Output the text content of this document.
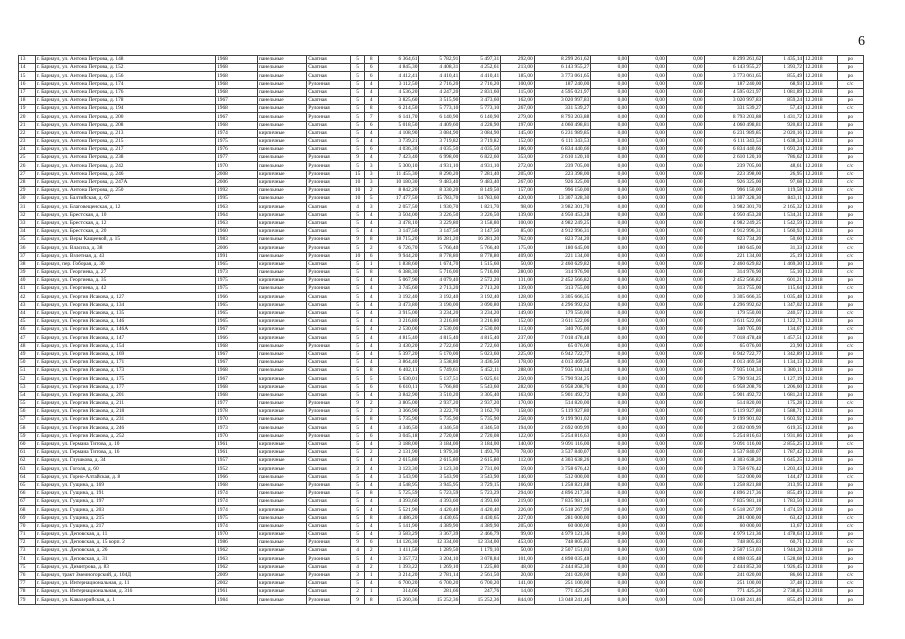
6
13	г. Барнаул, ул. Антона Петрова, д. 148	1968	панельные	Скатная	5	8	6 364,61	5 782,91	5 497,31	292,00	8 299 261,62	0,00	0,00	0,00	8 299 261,62	1 435,14	12.2018	ро
14	г. Барнаул, ул. Антона Петрова, д. 152	1968	панельные	Скатная	5	6	4 845,30	4 408,31	4 252,61	213,00	6 143 955,27	0,00	0,00	0,00	6 143 955,27	1 393,72	12.2018	ро
15	г. Барнаул, ул. Антона Петрова, д. 156	1968	панельные	Скатная	5	6	4 412,41	4 410,41	4 410,41	185,00	3 773 061,65	0,00	0,00	0,00	3 773 061,65	855,49	12.2018	ро
16	г. Барнаул, ул. Антона Петрова, д. 174	1968	панельные	Рулонная	5	4	3 112,50	2 716,20	2 716,20	100,00	187 240,00	0,00	0,00	0,00	187 240,00	68,93	12.2018	с/с
17	г. Барнаул, ул. Антона Петрова, д. 176	1968	панельные	Скатная	5	4	4 536,20	4 247,20	2 831,60	115,00	4 595 021,97	0,00	0,00	0,00	4 595 021,97	1 081,89	12.2018	ро
18	г. Барнаул, ул. Антона Петрова, д. 178	1967	панельные	Скатная	5	4	3 825,60	3 515,90	3 473,60	162,00	3 020 997,83	0,00	0,00	0,00	3 020 997,83	859,24	12.2018	ро
19	г. Барнаул, ул. Антона Петрова, д. 194	1968	панельные	Рулонная	5	8	6 214,50	5 773,10	5 773,10	267,00	331 539,27	0,00	0,00	0,00	331 539,27	57,43	12.2018	с/с
20	г. Барнаул, ул. Антона Петрова, д. 200	1967	панельные	Рулонная	5	7	6 141,70	6 140,90	6 140,90	279,00	8 793 203,88	0,00	0,00	0,00	8 793 203,88	1 431,72	12.2018	ро
21	г. Барнаул, ул. Антона Петрова, д. 208	1968	панельные	Скатная	5	6	5 018,50	4 409,60	4 228,90	197,00	4 060 498,81	0,00	0,00	0,00	4 060 498,81	920,83	12.2018	ро
22	г. Барнаул, ул. Антона Петрова, д. 213	1974	кирпичные	Скатная	5	4	4 108,90	3 084,90	3 084,90	145,00	6 231 989,85	0,00	0,00	0,00	6 231 989,85	2 020,16	12.2018	ро
23	г. Барнаул, ул. Антона Петрова, д. 215	1975	кирпичные	Скатная	5	4	3 739,21	3 719,82	3 719,82	152,00	6 111 343,53	0,00	0,00	0,00	6 111 343,53	1 638,34	12.2018	ро
24	г. Барнаул, ул. Антона Петрова, д. 217	1976	панельные	Скатная	5	6	4 036,30	4 035,50	4 035,50	186,00	6 834 440,66	0,00	0,00	0,00	6 834 440,66	1 693,24	12.2018	ро
25	г. Барнаул, ул. Антона Петрова, д. 238	1977	панельные	Рулонная	9	4	7 423,40	6 998,00	6 822,60	353,00	2 610 120,10	0,00	0,00	0,00	2 610 120,10	786,62	12.2018	ро
26	г. Барнаул, ул. Антона Петрова, д. 242	1970	панельные	Рулонная	5	3	5 300,10	4 931,10	4 931,10	272,00	239 705,00	0,00	0,00	0,00	239 705,00	48,61	12.2018	с/с
27	г. Барнаул, ул. Антона Петрова, д. 246	2008	кирпичные	Рулонная	15	3	11 455,30	8 290,20	7 281,40	205,00	223 398,00	0,00	0,00	0,00	223 398,00	26,95	12.2018	с/с
28	г. Барнаул, ул. Антона Петрова, д. 247А	2006	кирпичные	Рулонная	10	3	10 180,30	9 483,40	9 483,40	267,00	926 325,00	0,00	0,00	0,00	926 325,00	97,68	12.2018	с/с
29	г. Барнаул, ул. Антона Петрова, д. 250	1992	панельные	Рулонная	10	2	8 842,20	8 330,20	8 149,50	157,00	996 150,00	0,00	0,00	0,00	996 150,00	119,58	12.2018	с/с
30	г. Барнаул, ул. Балтийская, д. 67	1995	панельные	Рулонная	10	5	17 477,50	15 783,70	14 783,60	420,00	13 307 328,30	0,00	0,00	0,00	13 307 328,30	843,11	12.2018	ро
31	г. Барнаул, ул. Благовещенская, д. 12	1963	кирпичные	Скатная	4	3	2 057,50	1 930,70	1 821,70	98,00	3 982 301,70	0,00	0,00	0,00	3 982 301,70	2 165,32	12.2018	ро
32	г. Барнаул, ул. Брестская, д. 10	1964	кирпичные	Скатная	5	4	3 504,00	3 226,50	3 226,50	139,00	4 950 453,28	0,00	0,00	0,00	4 950 453,28	1 534,31	12.2018	ро
33	г. Барнаул, ул. Брестская, д. 12	1963	кирпичные	Скатная	5	4	3 478,10	3 229,80	3 158,80	100,00	4 982 249,25	0,00	0,00	0,00	4 982 249,25	1 542,59	12.2018	ро
34	г. Барнаул, ул. Брестская, д. 20	1960	кирпичные	Скатная	5	4	3 147,50	3 147,50	3 147,50	85,00	4 912 996,31	0,00	0,00	0,00	4 912 996,31	1 560,92	12.2018	ро
35	г. Барнаул, ул. Веры Кащеевой, д. 15	1983	панельные	Рулонная	9	8	18 715,20	16 281,20	16 281,20	762,00	823 734,20	0,00	0,00	0,00	823 734,20	50,60	12.2018	с/с
36	г. Барнаул, ул. Власиха, д. 38	2006	кирпичные	Рулонная	5	2	6 726,70	5 766,40	5 766,40	175,00	180 645,00	0,00	0,00	0,00	180 645,00	31,33	12.2018	с/с
37	г. Барнаул, ул. Взлетная, д. 43	1991	панельные	Рулонная	10	6	9 944,20	8 778,80	8 778,80	409,00	221 134,00	0,00	0,00	0,00	221 134,00	25,19	12.2018	с/с
38	г. Барнаул, пер. Гоборая, д. 30	1965	кирпичные	Скатная	5	1	1 838,60	1 674,70	1 515,60	50,00	2 460 629,82	0,00	0,00	0,00	2 460 629,82	1 469,30	12.2018	ро
39	г. Барнаул, ул. Георгиева, д. 27	1973	панельные	Рулонная	5	8	6 388,30	5 716,00	5 716,00	280,00	314 976,90	0,00	0,00	0,00	314 976,90	55,10	12.2018	с/с
40	г. Барнаул, ул. Георгиева, д. 35	1975	кирпичные	Рулонная	5	4	5 067,90	4 079,40	2 572,20	131,00	2 452 566,82	0,00	0,00	0,00	2 452 566,82	601,21	12.2018	ро
41	г. Барнаул, ул. Георгиева, д. 42	1975	панельные	Рулонная	5	4	3 745,60	2 713,20	2 713,20	139,00	313 755,00	0,00	0,00	0,00	313 755,00	115,64	12.2018	с/с
42	г. Барнаул, ул. Георгия Исакова, д. 127	1966	кирпичные	Скатная	5	4	3 192,40	3 192,40	3 192,40	128,00	3 305 666,35	0,00	0,00	0,00	3 305 666,35	1 035,48	12.2018	ро
43	г. Барнаул, ул. Георгия Исакова, д. 134	1965	кирпичные	Скатная	5	4	3 473,80	3 190,00	3 090,80	139,00	4 296 992,62	0,00	0,00	0,00	4 296 992,62	1 347,02	12.2018	ро
44	г. Барнаул, ул. Георгия Исакова, д. 135	1965	кирпичные	Скатная	5	4	3 915,00	3 234,20	3 234,20	149,00	179 550,00	0,00	0,00	0,00	179 550,00	240,57	12.2018	с/с
45	г. Барнаул, ул. Георгия Исакова, д. 146	1965	кирпичные	Скатная	5	4	3 216,80	3 216,80	3 216,80	152,00	3 611 522,06	0,00	0,00	0,00	3 611 522,06	1 122,71	12.2018	ро
46	г. Барнаул, ул. Георгия Исакова, д. 146А	1967	кирпичные	Скатная	5	4	2 530,00	2 530,00	2 530,00	113,00	340 705,00	0,00	0,00	0,00	340 705,00	134,67	12.2018	с/с
47	г. Барнаул, ул. Георгия Исакова, д. 147	1966	кирпичные	Скатная	5	4	4 815,40	4 815,40	4 815,40	237,00	7 018 478,48	0,00	0,00	0,00	7 018 478,48	1 457,51	12.2018	ро
48	г. Барнаул, ул. Георгия Исакова, д. 154	1968	панельные	Рулонная	5	4	3 430,20	2 722,60	2 722,60	136,00	65 076,00	0,00	0,00	0,00	65 076,00	23,90	12.2018	с/с
49	г. Барнаул, ул. Георгия Исакова, д. 169	1967	панельные	Скатная	5	4	5 397,20	5 170,00	5 023,60	225,00	6 942 722,77	0,00	0,00	0,00	6 942 722,77	1 342,89	12.2018	ро
50	г. Барнаул, ул. Георгия Исакова, д. 171	1967	панельные	Скатная	5	4	3 864,40	3 538,80	3 436,50	178,00	4 013 469,58	0,00	0,00	0,00	4 013 469,58	1 134,13	12.2018	ро
51	г. Барнаул, ул. Георгия Исакова, д. 173	1968	панельные	Скатная	5	8	6 402,11	5 749,61	5 452,11	288,00	7 935 104,34	0,00	0,00	0,00	7 935 104,34	1 380,11	12.2018	ро
52	г. Барнаул, ул. Георгия Исакова, д. 175	1967	кирпичные	Скатная	5	5	5 630,01	5 137,51	5 025,61	250,00	5 790 934,25	0,00	0,00	0,00	5 790 934,25	1 127,19	12.2018	ро
53	г. Барнаул, ул. Георгия Исакова, д. 177	1968	кирпичные	Скатная	5	6	6 610,11	5 766,80	5 543,60	282,00	6 958 208,76	0,00	0,00	0,00	6 958 208,76	1 206,60	12.2018	ро
54	г. Барнаул, ул. Георгия Исакова, д. 201	1968	панельные	Скатная	5	4	3 842,90	3 510,20	3 305,40	163,00	5 901 492,72	0,00	0,00	0,00	5 901 492,72	1 681,24	12.2018	ро
55	г. Барнаул, ул. Георгия Исакова, д. 211	1977	панельные	Рулонная	9	2	3 805,00	2 937,20	2 937,20	170,00	514 820,00	0,00	0,00	0,00	514 820,00	175,28	12.2018	с/с
56	г. Барнаул, ул. Георгия Исакова, д. 218	1978	кирпичные	Рулонная	5	2	3 366,90	3 222,70	3 162,70	158,00	5 119 927,80	0,00	0,00	0,00	5 119 927,80	1 588,71	12.2018	ро
57	г. Барнаул, ул. Георгия Исакова, д. 231	1970	панельные	Скатная	5	8	5 735,90	5 735,90	5 735,90	258,00	9 199 901,02	0,00	0,00	0,00	9 199 901,02	1 603,92	12.2018	ро
58	г. Барнаул, ул. Георгия Исакова, д. 246	1973	панельные	Скатная	5	4	4 346,50	4 346,50	4 346,50	194,00	2 692 009,99	0,00	0,00	0,00	2 692 009,99	619,35	12.2018	ро
59	г. Барнаул, ул. Георгия Исакова, д. 252	1970	панельные	Рулонная	5	6	3 045,18	2 720,08	2 720,08	122,00	5 254 816,63	0,00	0,00	0,00	5 254 816,63	1 931,86	12.2018	ро
60	г. Барнаул, ул. Германа Титова, д. 10	1961	кирпичные	Скатная	5	4	3 188,00	3 184,00	3 184,00	140,00	9 091 116,00	0,00	0,00	0,00	9 091 116,00	2 855,25	12.2018	с/с
61	г. Барнаул, ул. Германа Титова, д. 16	1961	кирпичные	Скатная	5	2	2 131,90	1 979,30	1 493,70	78,00	3 537 840,07	0,00	0,00	0,00	3 537 840,07	1 787,42	12.2018	ро
62	г. Барнаул, ул. Глушкова, д. 34	1957	кирпичные	Скатная	5	4	2 615,80	2 615,80	2 615,80	112,00	4 303 638,26	0,00	0,00	0,00	4 303 638,26	1 645,25	12.2018	ро
63	г. Барнаул, ул. Гоголя, д. 60	1952	кирпичные	Скатная	3	4	3 123,30	3 123,30	2 731,00	59,00	3 758 676,42	0,00	0,00	0,00	3 758 676,42	1 203,43	12.2018	ро
64	г. Барнаул, ул. Горно-Алтайская, д. 8	1966	панельные	Скатная	5	4	3 543,90	3 543,90	3 543,90	146,00	512 000,00	0,00	0,00	0,00	512 000,00	144,47	12.2018	с/с
65	г. Барнаул, ул. Гущина, д. 169	1968	панельные	Рулонная	5	4	4 548,95	3 945,95	3 729,15	166,00	1 258 821,88	0,00	0,00	0,00	1 258 821,88	313,95	12.2018	ро
66	г. Барнаул, ул. Гущина, д. 191	1974	панельные	Рулонная	5	8	5 725,59	5 723,59	5 723,29	294,00	4 896 217,36	0,00	0,00	0,00	4 896 217,36	855,49	12.2018	ро
67	г. Барнаул, ул. Гущина, д. 197	1974	панельные	Скатная	5	4	4 393,60	4 393,60	4 393,60	219,00	7 835 981,18	0,00	0,00	0,00	7 835 981,18	1 783,50	12.2018	ро
68	г. Барнаул, ул. Гущина, д. 203	1974	кирпичные	Скатная	5	4	5 521,90	4 420,40	4 420,40	226,00	6 518 267,99	0,00	0,00	0,00	6 518 267,99	1 474,59	12.2018	ро
69	г. Барнаул, ул. Гущина, д. 215	1975	панельные	Скатная	5	8	4 486,20	4 430,65	4 430,65	227,00	281 000,00	0,00	0,00	0,00	281 000,00	63,42	12.2018	с/с
70	г. Барнаул, ул. Гущина, д. 217	1974	панельные	Скатная	5	4	5 141,90	4 389,90	4 389,90	205,00	60 000,00	0,00	0,00	0,00	60 000,00	13,67	12.2018	с/с
71	г. Барнаул, ул. Деповская, д. 11	1970	кирпичные	Скатная	5	4	3 583,29	3 367,39	2 466,79	99,00	4 979 121,36	0,00	0,00	0,00	4 979 121,36	1 478,63	12.2018	ро
72	г. Барнаул, ул. Деповская, д. 15 корп. 2	1986	панельные	Рулонная	9	6	14 126,30	12 334,00	12 334,00	453,00	748 805,83	0,00	0,00	0,00	748 805,83	60,71	12.2018	с/с
73	г. Барнаул, ул. Деповская, д. 26	1962	кирпичные	Скатная	4	2	1 411,50	1 289,50	1 179,10	50,00	2 507 151,03	0,00	0,00	0,00	2 507 151,03	1 944,28	12.2018	ро
74	г. Барнаул, ул. Деповская, д. 31	1963	кирпичные	Рулонная	5	4	3 357,72	3 204,10	3 078,84	101,00	4 898 035,48	0,00	0,00	0,00	4 898 035,48	1 528,68	12.2018	ро
75	г. Барнаул, ул. Димитрова, д. 83	1962	кирпичные	Скатная	4	2	1 393,22	1 269,10	1 225,80	48,00	2 444 852,30	0,00	0,00	0,00	2 444 852,30	1 926,45	12.2018	ро
76	г. Барнаул, тракт Змеиногорский, д. 104Д	2009	кирпичные	Рулонная	3	1	3 214,20	2 781,14	2 561,50	20,00	241 020,00	0,00	0,00	0,00	241 020,00	86,66	12.2018	с/с
77	г. Барнаул, ул. Интернациональная, д. 11	2002	кирпичные	Скатная	5	4	6 700,20	6 700,20	6 700,20	141,00	251 100,00	0,00	0,00	0,00	251 100,00	37,48	12.2018	с/с
78	г. Барнаул, ул. Интернациональная, д. 316	1961	кирпичные	Скатная	2	1	314,06	281,66	247,76	14,00	771 425,26	0,00	0,00	0,00	771 425,26	2 738,85	12.2018	ро
79	г. Барнаул, ул. Кавалерийская, д. 1	1984	панельные	Рулонная	9	8	15 260,36	15 252,36	15 252,36	844,00	13 048 241,46	0,00	0,00	0,00	13 048 241,46	855,49	12.2018	ро
